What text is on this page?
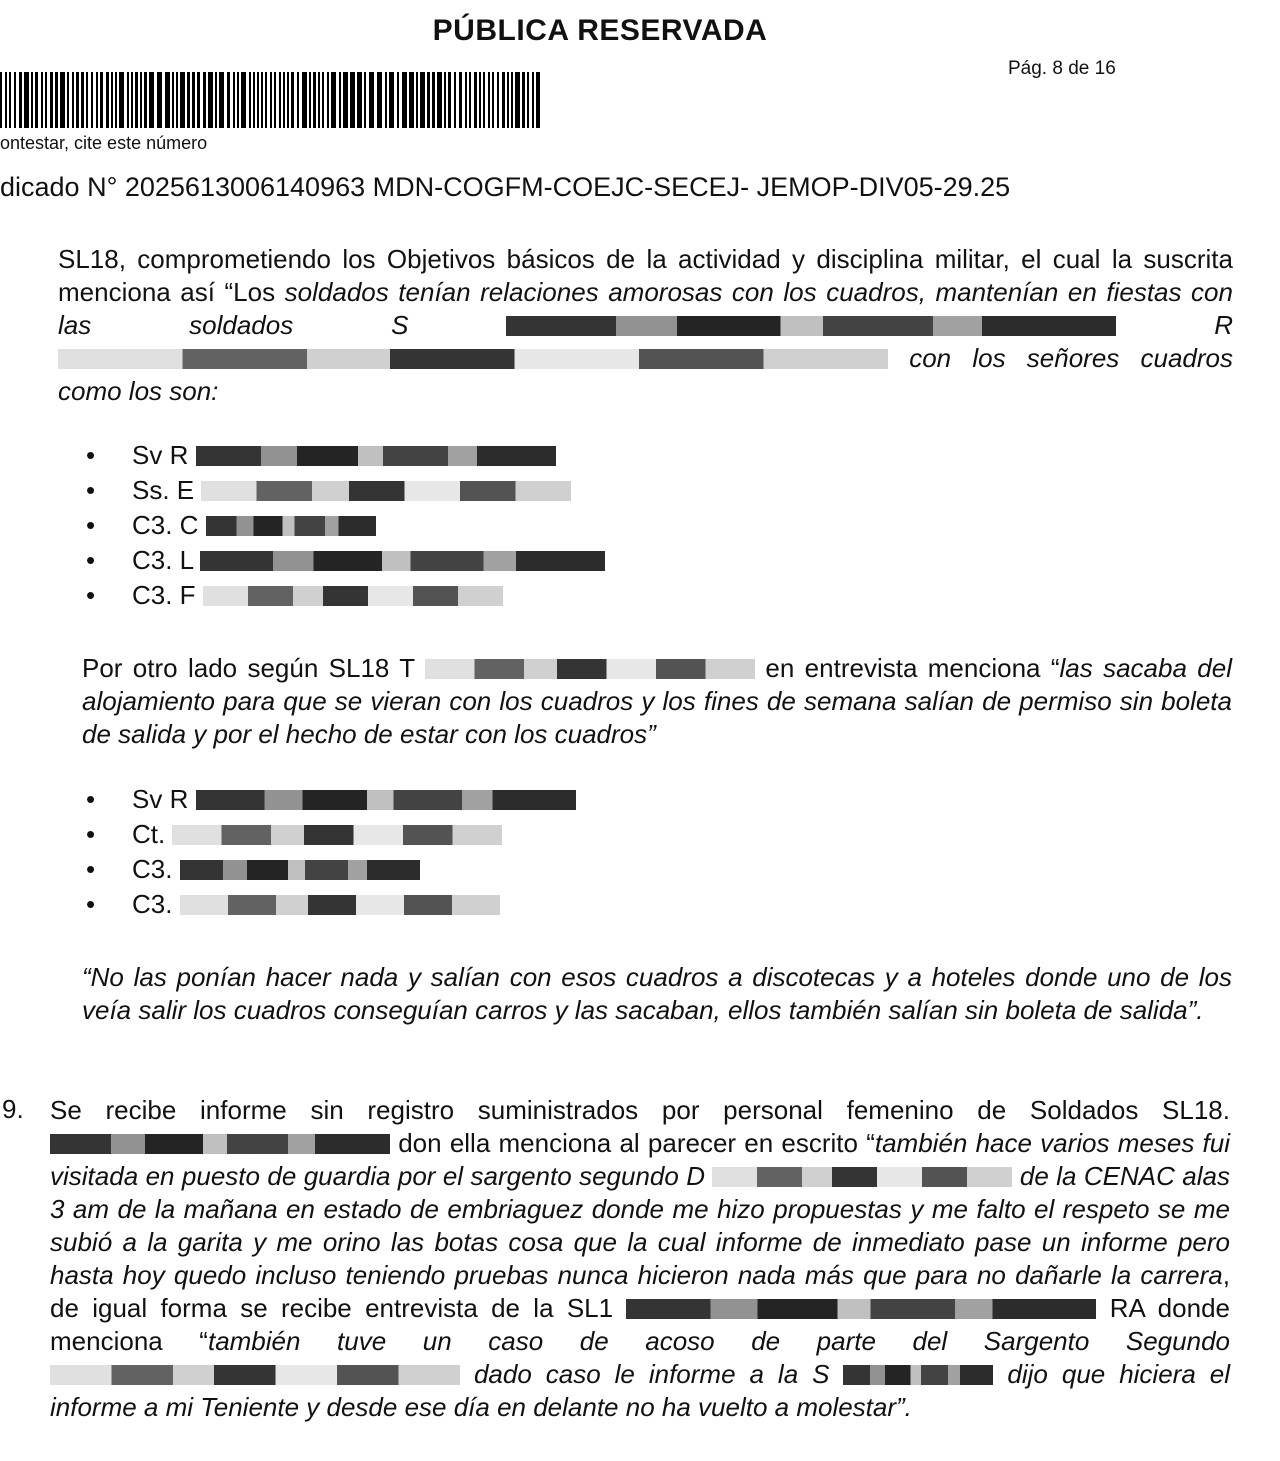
PÚBLICA RESERVADA
Pág. 8 de 16
ontestar, cite este número
dicado N° 2025613006140963 MDN-COGFM-COEJC-SECEJ- JEMOP-DIV05-29.25

SL18, comprometiendo los Objetivos básicos de la actividad y disciplina militar, el cual la suscrita menciona así “Los soldados tenían relaciones amorosas con los cuadros, mantenían en fiestas con las soldados S	R  con los señores cuadros como los son:

• Sv R
• Ss. E
• C3. C
• C3. L
• C3. F

Por otro lado según SL18 T	en entrevista menciona “las sacaba del alojamiento para que se vieran con los cuadros y los fines de semana salían de permiso sin boleta de salida y por el hecho de estar con los cuadros”

• Sv R
• Ct.
• C3.
• C3.

“No las ponían hacer nada y salían con esos cuadros a discotecas y a hoteles donde uno de los veía salir los cuadros conseguían carros y las sacaban, ellos también salían sin boleta de salida”.

9. Se recibe informe sin registro suministrados por personal femenino de Soldados SL18.  don ella menciona al parecer en escrito “también hace varios meses fui visitada en puesto de guardia por el sargento segundo D	de la CENAC alas 3 am de la mañana en estado de embriaguez donde me hizo propuestas y me falto el respeto se me subió a la garita y me orino las botas cosa que la cual informe de inmediato pase un informe pero hasta hoy quedo incluso teniendo pruebas nunca hicieron nada más que para no dañarle la carrera, de igual forma se recibe entrevista de la SL1	RA donde menciona “también tuve un caso de acoso de parte del Sargento Segundo  dado caso le informe a la S	dijo que hiciera el informe a mi Teniente y desde ese día en delante no ha vuelto a molestar”.
